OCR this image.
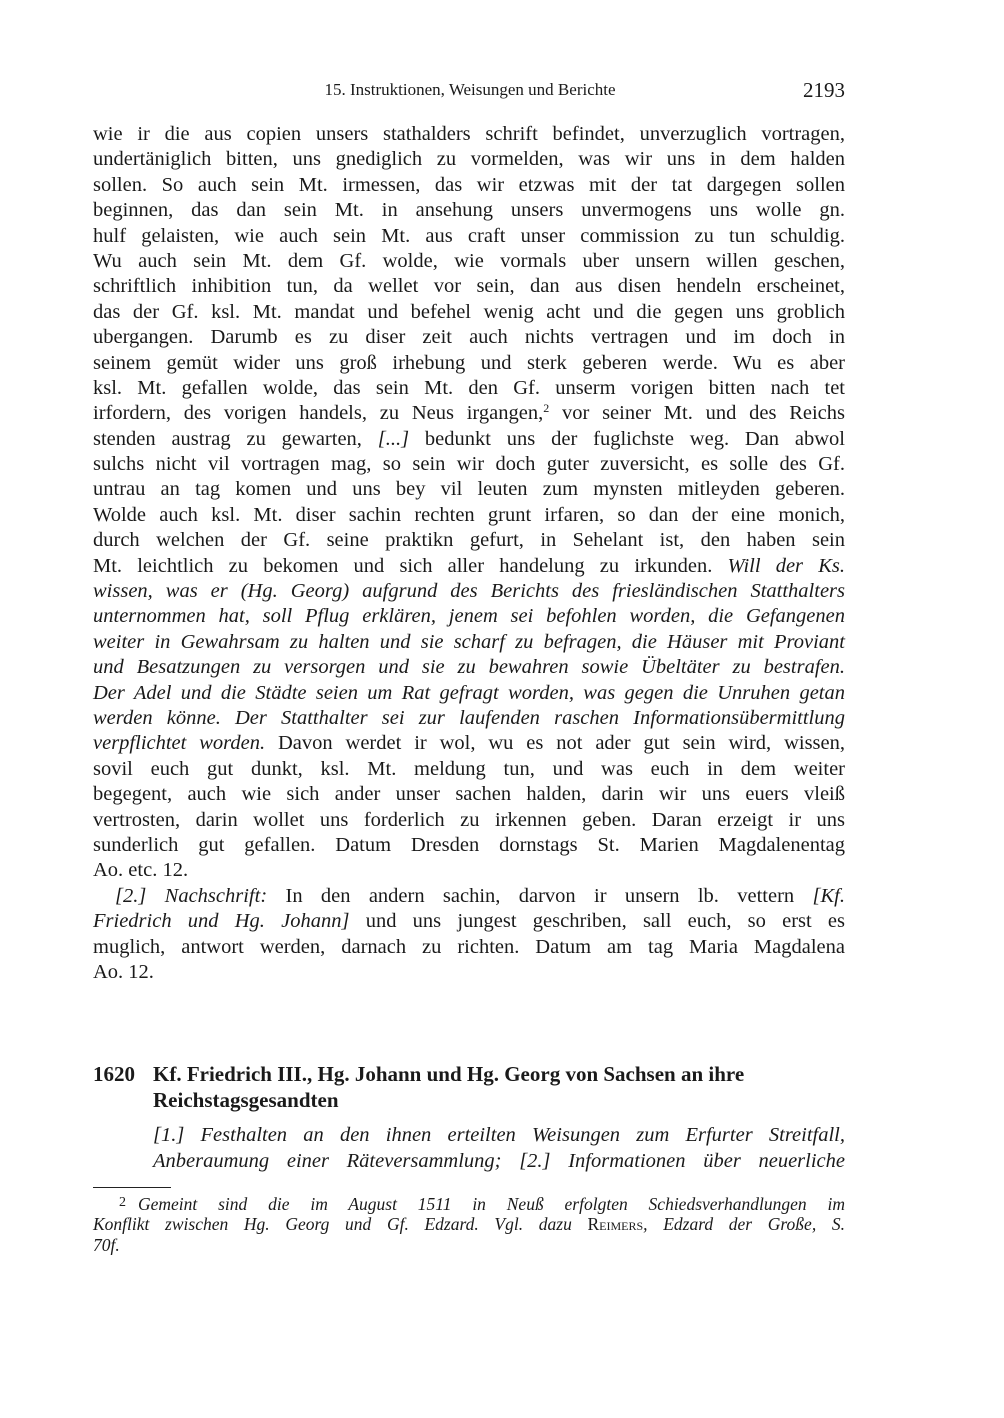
15. Instruktionen, Weisungen und Berichte	2193
wie ir die aus copien unsers stathalders schrift befindet, unverzuglich vortragen,
undertäniglich bitten, uns gnediglich zu vormelden, was wir uns in dem halden
sollen. So auch sein Mt. irmessen, das wir etzwas mit der tat dargegen sollen
beginnen, das dan sein Mt. in ansehung unsers unvermogens uns wolle gn.
hulf gelaisten, wie auch sein Mt. aus craft unser commission zu tun schuldig.
Wu auch sein Mt. dem Gf. wolde, wie vormals uber unsern willen geschen,
schriftlich inhibition tun, da wellet vor sein, dan aus disen hendeln erscheinet,
das der Gf. ksl. Mt. mandat und befehel wenig acht und die gegen uns groblich
ubergangen. Darumb es zu diser zeit auch nichts vertragen und im doch in
seinem gemüt wider uns groß irhebung und sterk geberen werde. Wu es aber
ksl. Mt. gefallen wolde, das sein Mt. den Gf. unserm vorigen bitten nach tet
irfordern, des vorigen handels, zu Neus irgangen,$^2$ vor seiner Mt. und des Reichs
stenden austrag zu gewarten, [...] bedunkt uns der fuglichste weg. Dan abwol
sulchs nicht vil vortragen mag, so sein wir doch guter zuversicht, es solle des Gf.
untrau an tag komen und uns bey vil leuten zum mynsten mitleyden geberen.
Wolde auch ksl. Mt. diser sachin rechten grunt irfaren, so dan der eine monich,
durch welchen der Gf. seine praktikn gefurt, in Sehelant ist, den haben sein
Mt. leichtlich zu bekomen und sich aller handelung zu irkunden. Will der Ks.
wissen, was er (Hg. Georg) aufgrund des Berichts des friesländischen Statthalters
unternommen hat, soll Pflug erklären, jenem sei befohlen worden, die Gefangenen
weiter in Gewahrsam zu halten und sie scharf zu befragen, die Häuser mit Proviant
und Besatzungen zu versorgen und sie zu bewahren sowie Übeltäter zu bestrafen.
Der Adel und die Städte seien um Rat gefragt worden, was gegen die Unruhen getan
werden könne. Der Statthalter sei zur laufenden raschen Informationsübermittlung
verpflichtet worden. Davon werdet ir wol, wu es not ader gut sein wird, wissen,
sovil euch gut dunkt, ksl. Mt. meldung tun, und was euch in dem weiter
begegent, auch wie sich ander unser sachen halden, darin wir uns euers vleiß
vertrosten, darin wollet uns forderlich zu irkennen geben. Daran erzeigt ir uns
sunderlich gut gefallen. Datum Dresden dornstags St. Marien Magdalenentag
Ao. etc. 12.
[2.] Nachschrift: In den andern sachin, darvon ir unsern lb. vettern [Kf.
Friedrich und Hg. Johann] und uns jungest geschriben, sall euch, so erst es
muglich, antwort werden, darnach zu richten. Datum am tag Maria Magdalena
Ao. 12.
1620 Kf. Friedrich III., Hg. Johann und Hg. Georg von Sachsen an ihre
Reichstagsgesandten
[1.] Festhalten an den ihnen erteilten Weisungen zum Erfurter Streitfall,
Anberaumung einer Räteversammlung; [2.] Informationen über neuerliche
$^2$ Gemeint sind die im August 1511 in Neuß erfolgten Schiedsverhandlungen im
Konflikt zwischen Hg. Georg und Gf. Edzard. Vgl. dazu Reimers, Edzard der Große, S.
70f.
